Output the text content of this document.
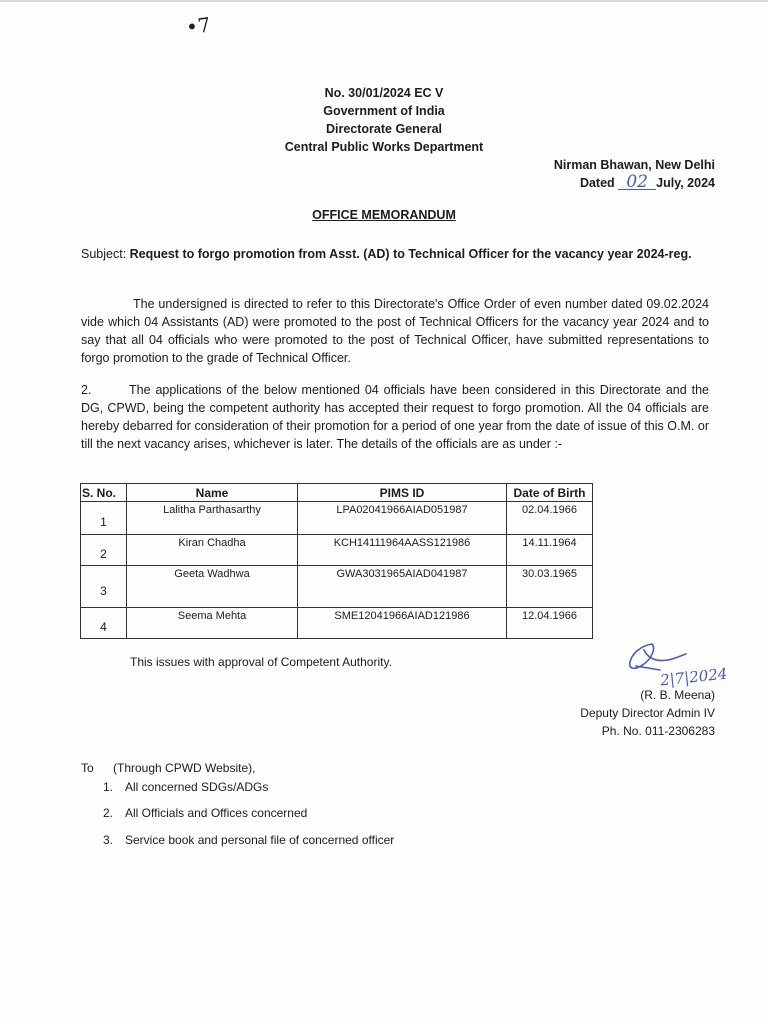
•7
No. 30/01/2024 EC V
Government of India
Directorate General
Central Public Works Department
Nirman Bhawan, New Delhi
Dated 02 July, 2024
OFFICE MEMORANDUM
Subject: Request to forgo promotion from Asst. (AD) to Technical Officer for the vacancy year 2024-reg.
The undersigned is directed to refer to this Directorate's Office Order of even number dated 09.02.2024 vide which 04 Assistants (AD) were promoted to the post of Technical Officers for the vacancy year 2024 and to say that all 04 officials who were promoted to the post of Technical Officer, have submitted representations to forgo promotion to the grade of Technical Officer.
2.	The applications of the below mentioned 04 officials have been considered in this Directorate and the DG, CPWD, being the competent authority has accepted their request to forgo promotion. All the 04 officials are hereby debarred for consideration of their promotion for a period of one year from the date of issue of this O.M. or till the next vacancy arises, whichever is later. The details of the officials are as under :-
S. No.	Name	PIMS ID	Date of Birth
1	Lalitha Parthasarthy	LPA02041966AIAD051987	02.04.1966
2	Kiran Chadha	KCH14111964AASS121986	14.11.1964
3	Geeta Wadhwa	GWA3031965AIAD041987	30.03.1965
4	Seema Mehta	SME12041966AIAD121986	12.04.1966
This issues with approval of Competent Authority.
2|7|2024
(R. B. Meena)
Deputy Director Admin IV
Ph. No. 011-2306283
To (Through CPWD Website),
1. All concerned SDGs/ADGs
2. All Officials and Offices concerned
3. Service book and personal file of concerned officer
